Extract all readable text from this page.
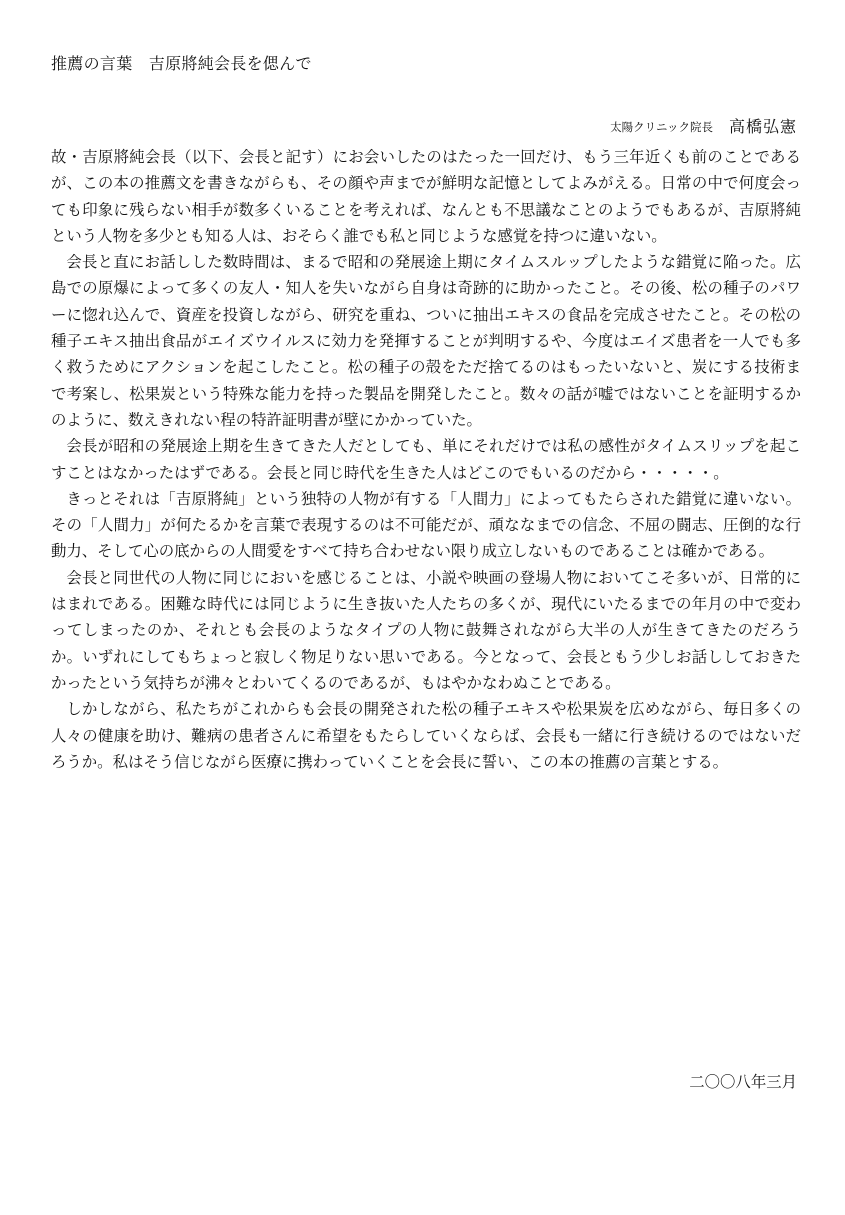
推薦の言葉　吉原將純会長を偲んで
太陽クリニック院長 高橋弘憲

故・吉原將純会長（以下、会長と記す）にお会いしたのはたった一回だけ、もう三年近くも前のことであるが、この本の推薦文を書きながらも、その顔や声までが鮮明な記憶としてよみがえる。日常の中で何度会っても印象に残らない相手が数多くいることを考えれば、なんとも不思議なことのようでもあるが、吉原將純という人物を多少とも知る人は、おそらく誰でも私と同じような感覚を持つに違いない。

会長と直にお話しした数時間は、まるで昭和の発展途上期にタイムスルップしたような錯覚に陥った。広島での原爆によって多くの友人・知人を失いながら自身は奇跡的に助かったこと。その後、松の種子のパワーに惚れ込んで、資産を投資しながら、研究を重ね、ついに抽出エキスの食品を完成させたこと。その松の種子エキス抽出食品がエイズウイルスに効力を発揮することが判明するや、今度はエイズ患者を一人でも多く救うためにアクションを起こしたこと。松の種子の殻をただ捨てるのはもったいないと、炭にする技術まで考案し、松果炭という特殊な能力を持った製品を開発したこと。数々の話が嘘ではないことを証明するかのように、数えきれない程の特許証明書が壁にかかっていた。

会長が昭和の発展途上期を生きてきた人だとしても、単にそれだけでは私の感性がタイムスリップを起こすことはなかったはずである。会長と同じ時代を生きた人はどこのでもいるのだから・・・・・。

きっとそれは「吉原將純」という独特の人物が有する「人間力」によってもたらされた錯覚に違いない。その「人間力」が何たるかを言葉で表現するのは不可能だが、頑ななまでの信念、不屈の闘志、圧倒的な行動力、そして心の底からの人間愛をすべて持ち合わせない限り成立しないものであることは確かである。

会長と同世代の人物に同じにおいを感じることは、小説や映画の登場人物においてこそ多いが、日常的にはまれである。困難な時代には同じように生き抜いた人たちの多くが、現代にいたるまでの年月の中で変わってしまったのか、それとも会長のようなタイプの人物に鼓舞されながら大半の人が生きてきたのだろうか。いずれにしてもちょっと寂しく物足りない思いである。今となって、会長ともう少しお話ししておきたかったという気持ちが沸々とわいてくるのであるが、もはやかなわぬことである。

しかしながら、私たちがこれからも会長の開発された松の種子エキスや松果炭を広めながら、毎日多くの人々の健康を助け、難病の患者さんに希望をもたらしていくならば、会長も一緒に行き続けるのではないだろうか。私はそう信じながら医療に携わっていくことを会長に誓い、この本の推薦の言葉とする。

二〇〇八年三月
